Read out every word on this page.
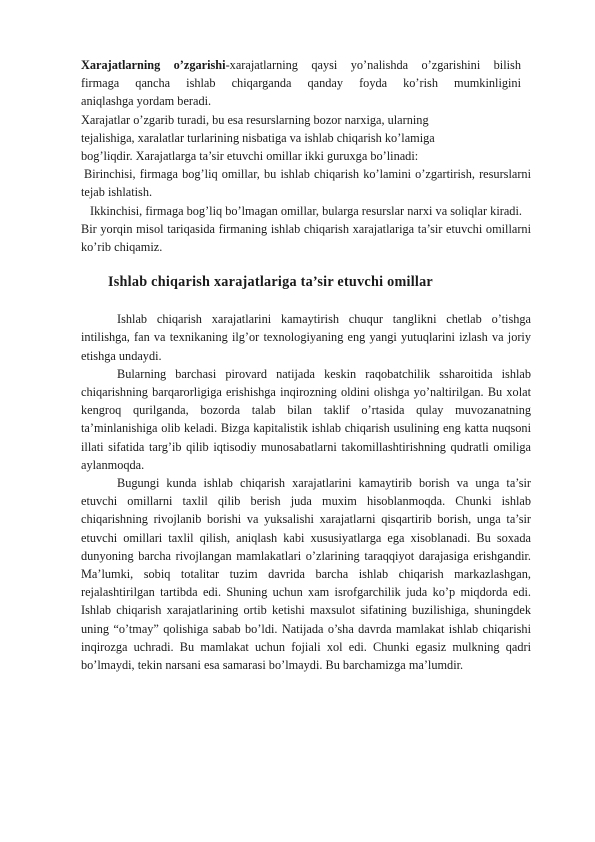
Xarajatlarning o’zgarishi-xarajatlarning qaysi yo’nalishda o’zgarishini bilish
firmaga qancha ishlab chiqarganda qanday foyda ko’rish mumkinligini
aniqlashga yordam beradi.
Xarajatlar o’zgarib turadi, bu esa resurslarning bozor narxiga, ularning
tejalishiga, xaralatlar turlarining nisbatiga va ishlab chiqarish ko’lamiga
bog’liqdir. Xarajatlarga ta’sir etuvchi omillar ikki guruxga bo’linadi:

Birinchisi, firmaga bog’liq omillar, bu ishlab chiqarish ko’lamini o’zgartirish, resurslarni tejab ishlatish.

Ikkinchisi, firmaga bog’liq bo’lmagan omillar, bularga resurslar narxi va soliqlar kiradi.

Bir yorqin misol tariqasida firmaning ishlab chiqarish xarajatlariga ta’sir etuvchi omillarni ko’rib chiqamiz.

Ishlab chiqarish xarajatlariga ta’sir etuvchi omillar

Ishlab chiqarish xarajatlarini kamaytirish chuqur tanglikni chetlab o’tishga intilishga, fan va texnikaning ilg’or texnologiyaning eng yangi yutuqlarini izlash va joriy etishga undaydi.

Bularning barchasi pirovard natijada keskin raqobatchilik ssharoitida ishlab chiqarishning barqarorligiga erishishga inqirozning oldini olishga yo’naltirilgan. Bu xolat kengroq qurilganda, bozorda talab bilan taklif o’rtasida qulay muvozanatning ta’minlanishiga olib keladi. Bizga kapitalistik ishlab chiqarish usulining eng katta nuqsoni illati sifatida targ’ib qilib iqtisodiy munosabatlarni takomillashtirishning qudratli omiliga aylanmoqda.

Bugungi kunda ishlab chiqarish xarajatlarini kamaytirib borish va unga ta’sir etuvchi omillarni taxlil qilib berish juda muxim hisoblanmoqda. Chunki ishlab chiqarishning rivojlanib borishi va yuksalishi xarajatlarni qisqartirib borish, unga ta’sir etuvchi omillari taxlil qilish, aniqlash kabi xususiyatlarga ega xisoblanadi. Bu soxada dunyoning barcha rivojlangan mamlakatlari o’zlarining taraqqiyot darajasiga erishgandir. Ma’lumki, sobiq totalitar tuzim davrida barcha ishlab chiqarish markazlashgan, rejalashtirilgan tartibda edi. Shuning uchun xam isrofgarchilik juda ko’p miqdorda edi. Ishlab chiqarish xarajatlarining ortib ketishi maxsulot sifatining buzilishiga, shuningdek uning “o’tmay” qolishiga sabab bo’ldi. Natijada o’sha davrda mamlakat ishlab chiqarishi inqirozga uchradi. Bu mamlakat uchun fojiali xol edi. Chunki egasiz mulkning qadri bo’lmaydi, tekin narsani esa samarasi bo’lmaydi. Bu barchamizga ma’lumdir.
